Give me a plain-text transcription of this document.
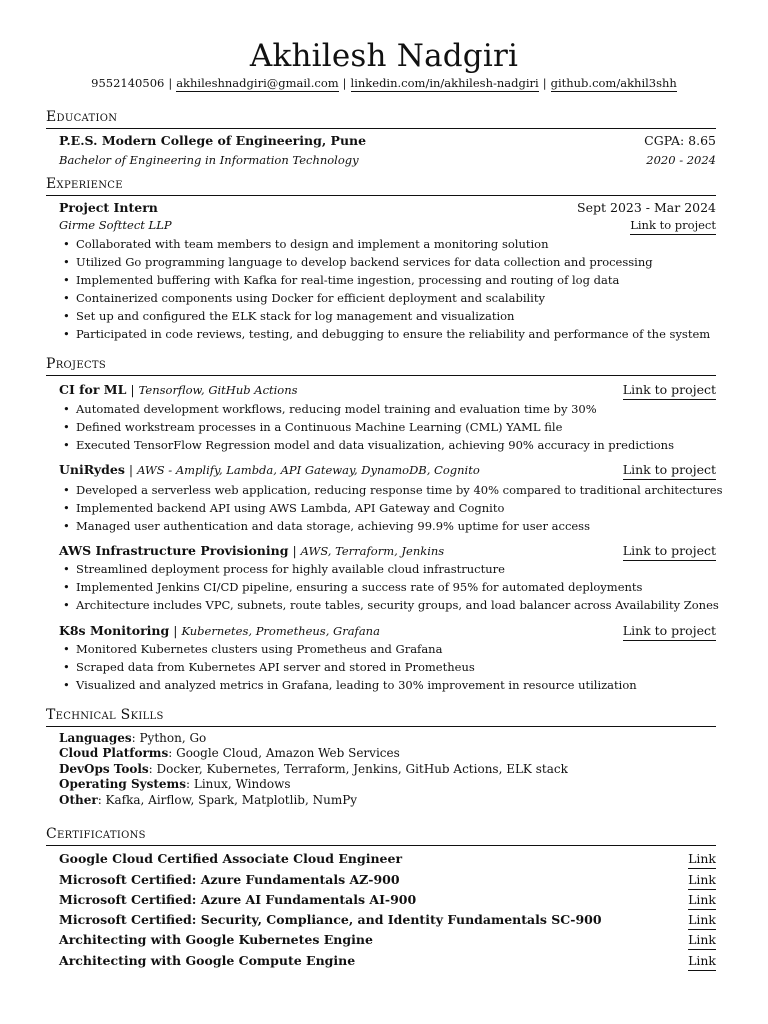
Akhilesh Nadgiri
9552140506 | akhileshnadgiri@gmail.com | linkedin.com/in/akhilesh-nadgiri | github.com/akhil3shh
Education
P.E.S. Modern College of Engineering, Pune	CGPA: 8.65
Bachelor of Engineering in Information Technology	2020 - 2024
Experience
Project Intern	Sept 2023 - Mar 2024
Girme Softtect LLP	Link to project
• Collaborated with team members to design and implement a monitoring solution
• Utilized Go programming language to develop backend services for data collection and processing
• Implemented buffering with Kafka for real-time ingestion, processing and routing of log data
• Containerized components using Docker for efficient deployment and scalability
• Set up and configured the ELK stack for log management and visualization
• Participated in code reviews, testing, and debugging to ensure the reliability and performance of the system
Projects
CI for ML | Tensorflow, GitHub Actions	Link to project
• Automated development workflows, reducing model training and evaluation time by 30%
• Defined workstream processes in a Continuous Machine Learning (CML) YAML file
• Executed TensorFlow Regression model and data visualization, achieving 90% accuracy in predictions
UniRydes | AWS - Amplify, Lambda, API Gateway, DynamoDB, Cognito	Link to project
• Developed a serverless web application, reducing response time by 40% compared to traditional architectures
• Implemented backend API using AWS Lambda, API Gateway and Cognito
• Managed user authentication and data storage, achieving 99.9% uptime for user access
AWS Infrastructure Provisioning | AWS, Terraform, Jenkins	Link to project
• Streamlined deployment process for highly available cloud infrastructure
• Implemented Jenkins CI/CD pipeline, ensuring a success rate of 95% for automated deployments
• Architecture includes VPC, subnets, route tables, security groups, and load balancer across Availability Zones
K8s Monitoring | Kubernetes, Prometheus, Grafana	Link to project
• Monitored Kubernetes clusters using Prometheus and Grafana
• Scraped data from Kubernetes API server and stored in Prometheus
• Visualized and analyzed metrics in Grafana, leading to 30% improvement in resource utilization
Technical Skills
Languages: Python, Go
Cloud Platforms: Google Cloud, Amazon Web Services
DevOps Tools: Docker, Kubernetes, Terraform, Jenkins, GitHub Actions, ELK stack
Operating Systems: Linux, Windows
Other: Kafka, Airflow, Spark, Matplotlib, NumPy
Certifications
Google Cloud Certified Associate Cloud Engineer	Link
Microsoft Certified: Azure Fundamentals AZ-900	Link
Microsoft Certified: Azure AI Fundamentals AI-900	Link
Microsoft Certified: Security, Compliance, and Identity Fundamentals SC-900	Link
Architecting with Google Kubernetes Engine	Link
Architecting with Google Compute Engine	Link
